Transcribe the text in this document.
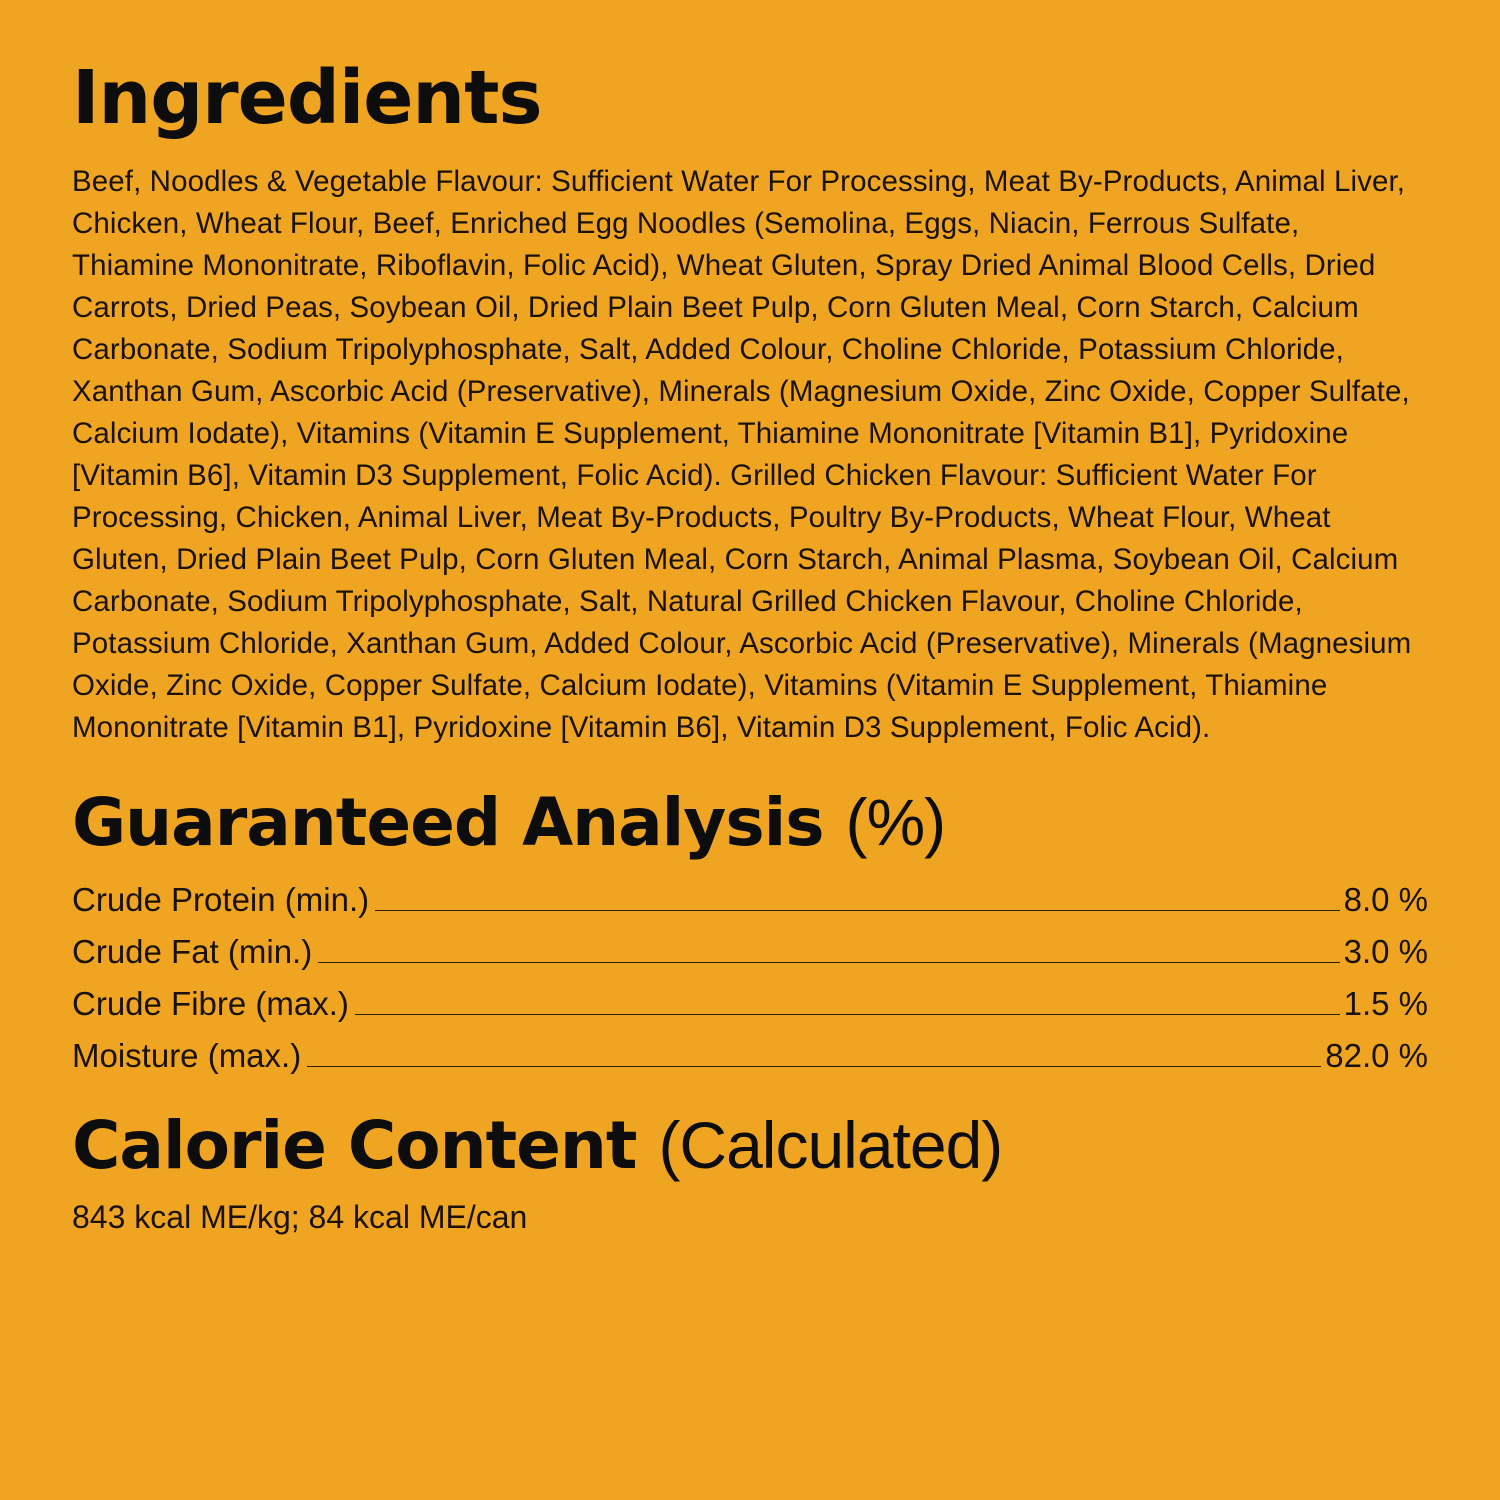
Ingredients

Beef, Noodles & Vegetable Flavour: Sufficient Water For Processing, Meat By-Products, Animal Liver, Chicken, Wheat Flour, Beef, Enriched Egg Noodles (Semolina, Eggs, Niacin, Ferrous Sulfate, Thiamine Mononitrate, Riboflavin, Folic Acid), Wheat Gluten, Spray Dried Animal Blood Cells, Dried Carrots, Dried Peas, Soybean Oil, Dried Plain Beet Pulp, Corn Gluten Meal, Corn Starch, Calcium Carbonate, Sodium Tripolyphosphate, Salt, Added Colour, Choline Chloride, Potassium Chloride, Xanthan Gum, Ascorbic Acid (Preservative), Minerals (Magnesium Oxide, Zinc Oxide, Copper Sulfate, Calcium Iodate), Vitamins (Vitamin E Supplement, Thiamine Mononitrate [Vitamin B1], Pyridoxine [Vitamin B6], Vitamin D3 Supplement, Folic Acid). Grilled Chicken Flavour: Sufficient Water For Processing, Chicken, Animal Liver, Meat By-Products, Poultry By-Products, Wheat Flour, Wheat Gluten, Dried Plain Beet Pulp, Corn Gluten Meal, Corn Starch, Animal Plasma, Soybean Oil, Calcium Carbonate, Sodium Tripolyphosphate, Salt, Natural Grilled Chicken Flavour, Choline Chloride, Potassium Chloride, Xanthan Gum, Added Colour, Ascorbic Acid (Preservative), Minerals (Magnesium Oxide, Zinc Oxide, Copper Sulfate, Calcium Iodate), Vitamins (Vitamin E Supplement, Thiamine Mononitrate [Vitamin B1], Pyridoxine [Vitamin B6], Vitamin D3 Supplement, Folic Acid).

Guaranteed Analysis (%)
Crude Protein (min.)	8.0 %
Crude Fat (min.)	3.0 %
Crude Fibre (max.)	1.5 %
Moisture (max.)	82.0 %
Calorie Content (Calculated)

843 kcal ME/kg; 84 kcal ME/can
